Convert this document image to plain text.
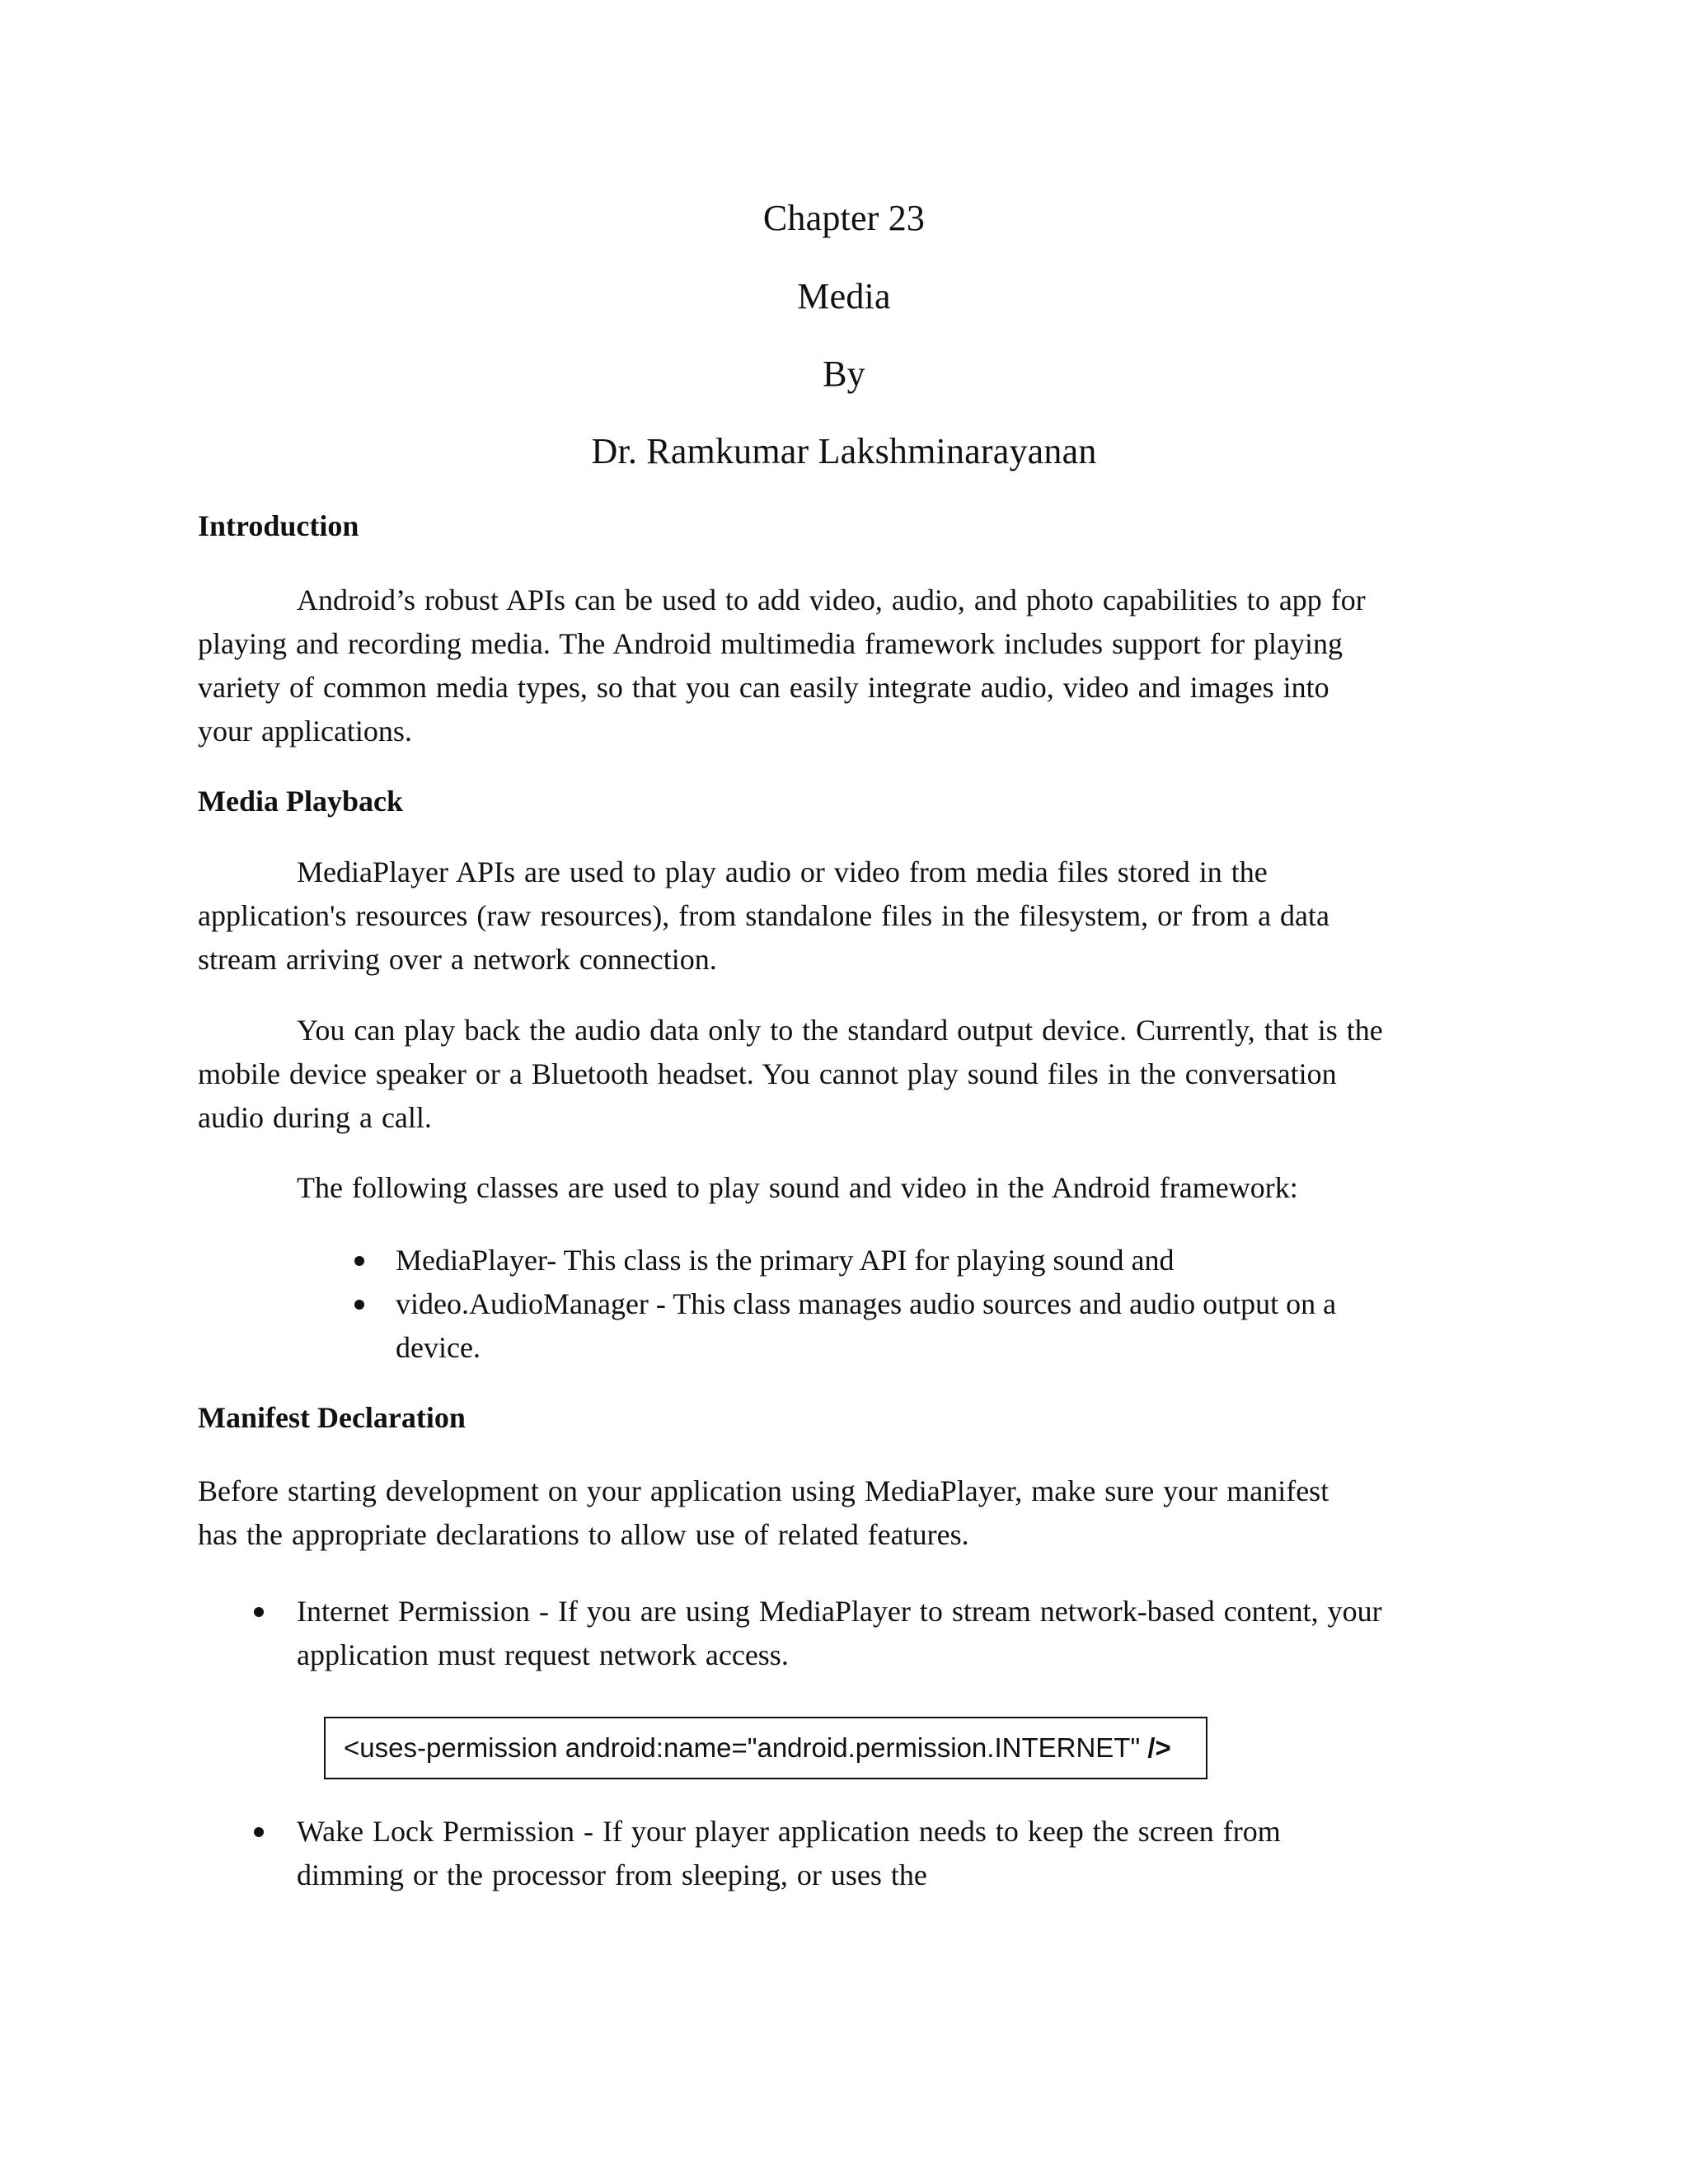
Chapter 23
Media
By
Dr. Ramkumar Lakshminarayanan
Introduction
Android’s robust APIs can be used to add video, audio, and photo capabilities to app for
playing and recording media. The Android multimedia framework includes support for playing
variety of common media types, so that you can easily integrate audio, video and images into
your applications.
Media Playback
MediaPlayer APIs are used to play audio or video from media files stored in the
application's resources (raw resources), from standalone files in the filesystem, or from a data
stream arriving over a network connection.
You can play back the audio data only to the standard output device. Currently, that is the
mobile device speaker or a Bluetooth headset. You cannot play sound files in the conversation
audio during a call.
The following classes are used to play sound and video in the Android framework:
MediaPlayer- This class is the primary API for playing sound and
video.AudioManager - This class manages audio sources and audio output on a
device.
Manifest Declaration
Before starting development on your application using MediaPlayer, make sure your manifest
has the appropriate declarations to allow use of related features.
Internet Permission - If you are using MediaPlayer to stream network-based content, your
application must request network access.
<uses-permission android:name="android.permission.INTERNET" />
Wake Lock Permission - If your player application needs to keep the screen from
dimming or the processor from sleeping, or uses the
